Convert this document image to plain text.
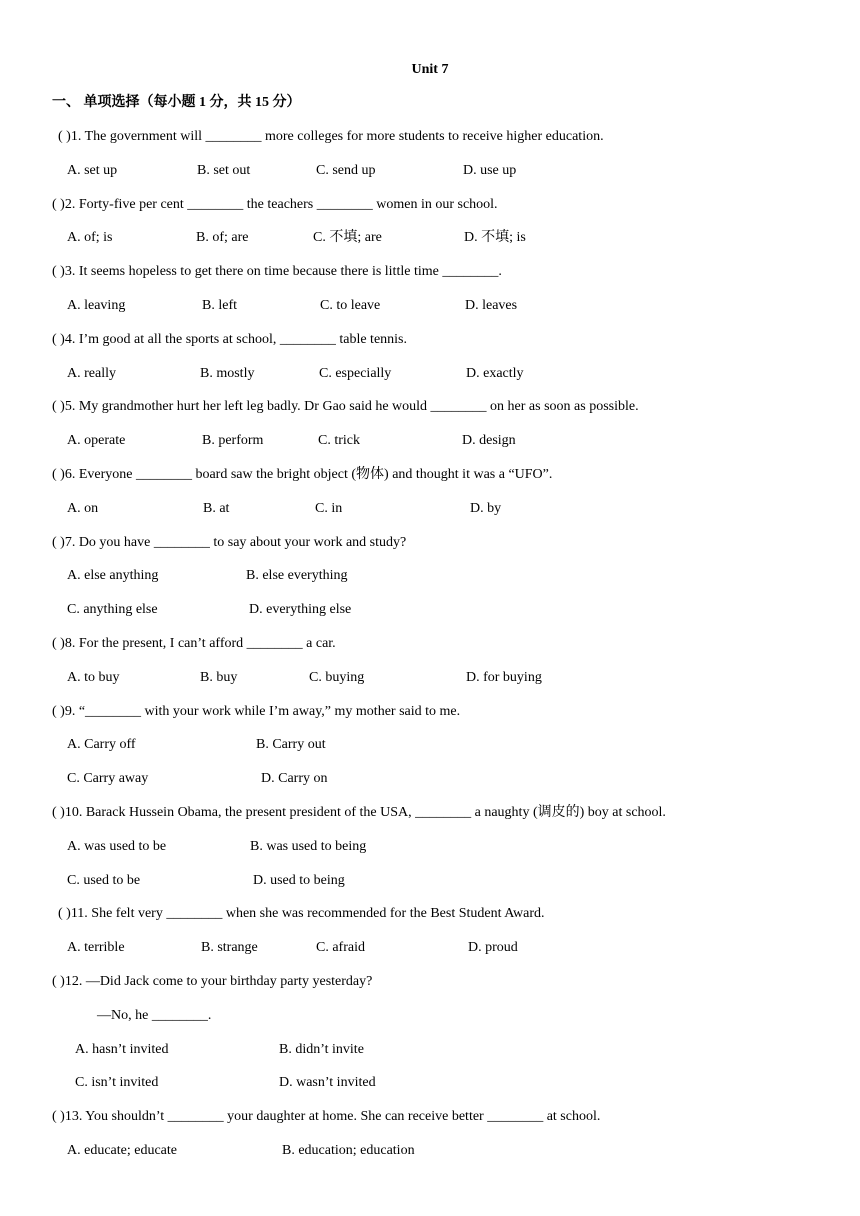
Unit 7
一、 单项选择（每小题 1 分，共 15 分）
( )1. The government will ________ more colleges for more students to receive higher education.
A. set up	B. set out	C. send up	D. use up
( )2. Forty-five per cent ________ the teachers ________ women in our school.
A. of; is	B. of; are	C. 不填; are	D. 不填; is
( )3. It seems hopeless to get there on time because there is little time ________.
A. leaving	B. left	C. to leave	D. leaves
( )4. I’m good at all the sports at school, ________ table tennis.
A. really	B. mostly	C. especially	D. exactly
( )5. My grandmother hurt her left leg badly. Dr Gao said he would ________ on her as soon as possible.
A. operate	B. perform	C. trick	D. design
( )6. Everyone ________ board saw the bright object (物体) and thought it was a “UFO”.
A. on	B. at	C. in	D. by
( )7. Do you have ________ to say about your work and study?
A. else anything	B. else everything
C. anything else	D. everything else
( )8. For the present, I can’t afford ________ a car.
A. to buy	B. buy	C. buying	D. for buying
( )9. “________ with your work while I’m away,” my mother said to me.
A. Carry off	B. Carry out
C. Carry away	D. Carry on
( )10. Barack Hussein Obama, the present president of the USA, ________ a naughty (调皮的) boy at school.
A. was used to be	B. was used to being
C. used to be	D. used to being
( )11. She felt very ________ when she was recommended for the Best Student Award.
A. terrible	B. strange	C. afraid	D. proud
( )12. —Did Jack come to your birthday party yesterday?
—No, he ________.
A. hasn’t invited	B. didn’t invite
C. isn’t invited	D. wasn’t invited
( )13. You shouldn’t ________ your daughter at home. She can receive better ________ at school.
A. educate; educate	B. education; education
